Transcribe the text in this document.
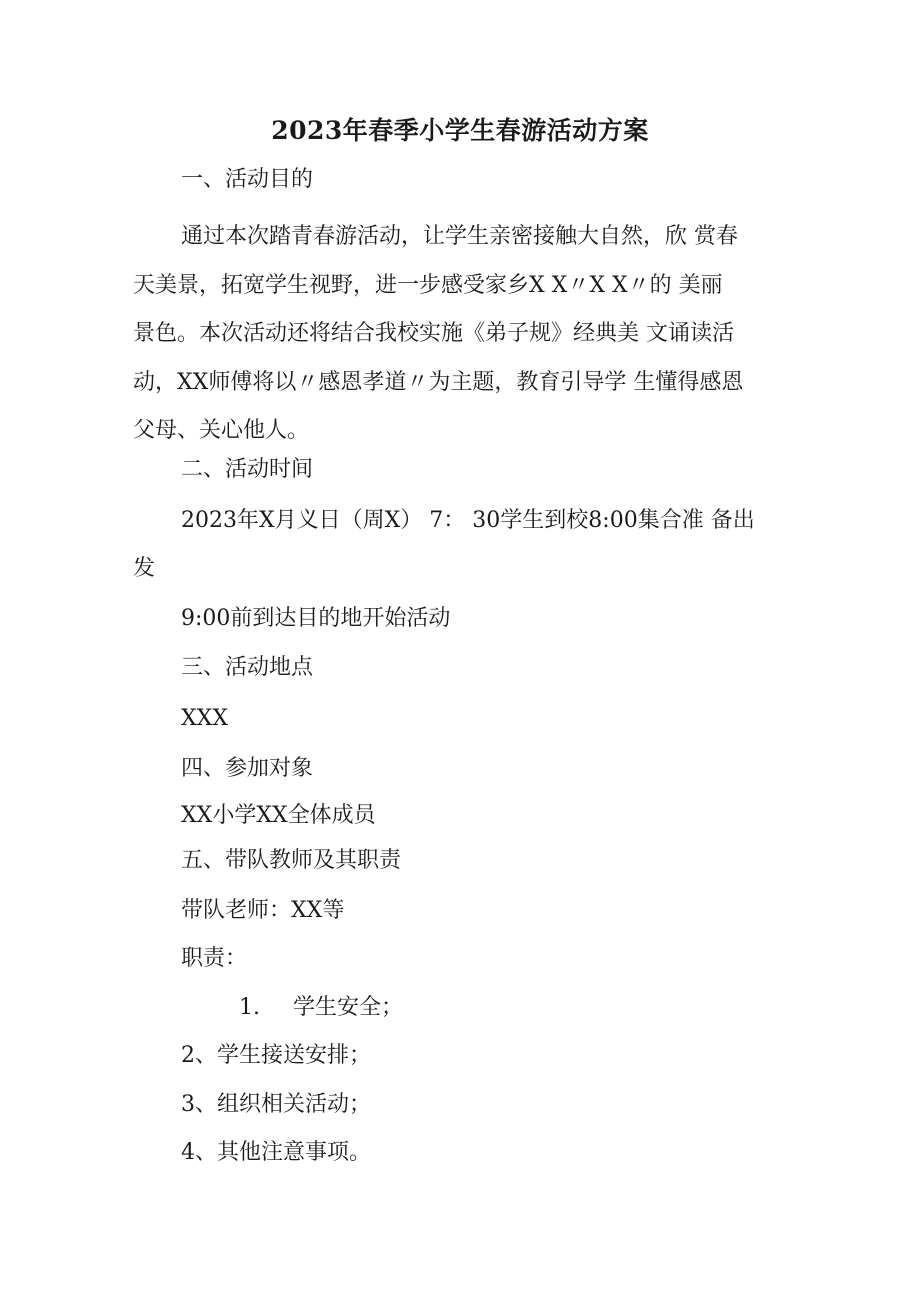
2023年春季小学生春游活动方案
一、活动目的
通过本次踏青春游活动，让学生亲密接触大自然，欣 赏春
天美景，拓宽学生视野，进一步感受家乡X X〃X X〃的 美丽
景色。本次活动还将结合我校实施《弟子规》经典美 文诵读活
动，XX师傅将以〃感恩孝道〃为主题，教育引导学 生懂得感恩
父母、关心他人。
二、活动时间
2023年X月义日（周X） 7： 30学生到校8:00集合准 备出
发
9:00前到达目的地开始活动
三、活动地点
XXX
四、参加对象
XX小学XX全体成员
五、带队教师及其职责
带队老师：XX等
职责：
1. 学生安全；
2、学生接送安排；
3、组织相关活动；
4、其他注意事项。
